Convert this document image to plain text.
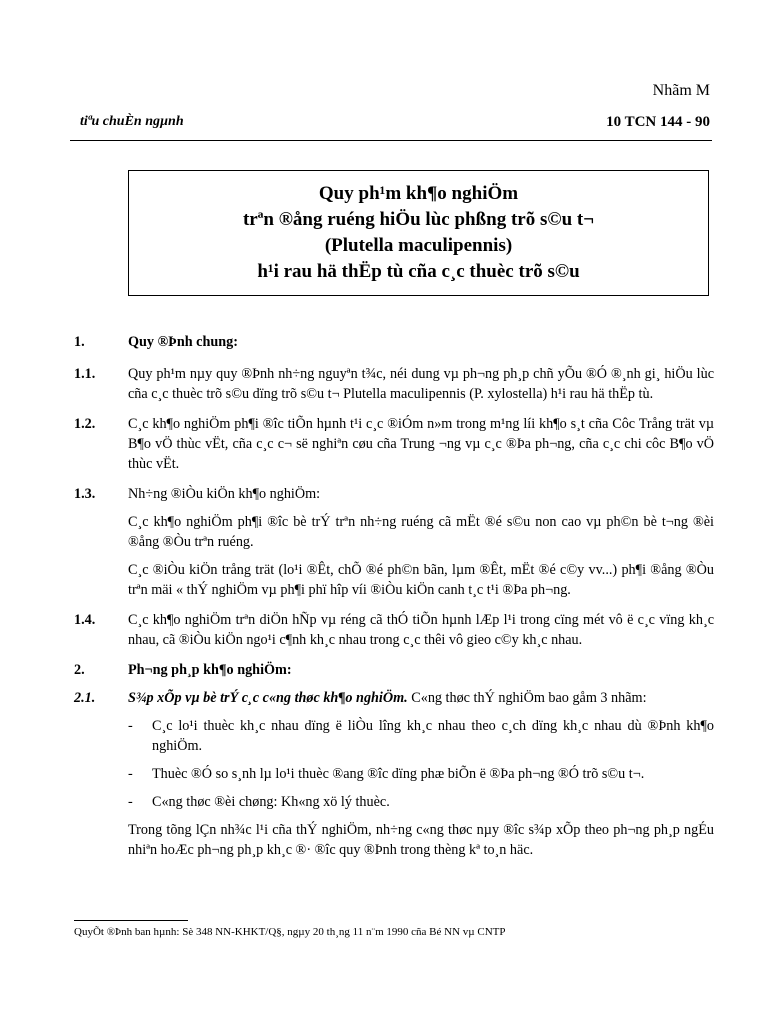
Nhãm M
tiªu chuÈn ngµnh	10 TCN 144 - 90
Quy ph¹m kh¶o nghiÖm
trªn ®ång ruéng hiÖu lùc phßng trõ s©u t¬
(Plutella maculipennis)
h¹i rau hä thËp tù cña c¸c thuèc trõ s©u
1.	Quy ®Þnh chung:
1.1.	Quy ph¹m nµy quy ®Þnh nh÷ng nguyªn t¾c, néi dung vµ ph¬ng ph¸p chñ yÕu ®Ó ®¸nh gi¸ hiÖu lùc cña c¸c thuèc trõ s©u dïng trõ s©u t¬ Plutella maculipennis (P. xylostella) h¹i rau hä thËp tù.
1.2.	C¸c kh¶o nghiÖm ph¶i ®îc tiÕn hµnh t¹i c¸c ®iÓm n»m trong m¹ng líi kh¶o s¸t cña Côc Trång trät vµ B¶o vÖ thùc vËt, cña c¸c c¬ së nghiªn cøu cña Trung ¬ng vµ c¸c ®Þa ph¬ng, cña c¸c chi côc B¶o vÖ thùc vËt.
1.3.	Nh÷ng ®iÒu kiÖn kh¶o nghiÖm:
C¸c kh¶o nghiÖm ph¶i ®îc bè trÝ trªn nh÷ng ruéng cã mËt ®é s©u non cao vµ ph©n bè t¬ng ®èi ®ång ®Òu trªn ruéng.
C¸c ®iÒu kiÖn trång trät (lo¹i ®Êt, chÕ ®é ph©n bãn, lµm ®Êt, mËt ®é c©y vv...) ph¶i ®ång ®Òu trªn mäi « thÝ nghiÖm vµ ph¶i phï hîp víi ®iÒu kiÖn canh t¸c t¹i ®Þa ph¬ng.
1.4.	C¸c kh¶o nghiÖm trªn diÖn hÑp vµ réng cã thÓ tiÕn hµnh lÆp l¹i trong cïng mét vô ë c¸c vïng kh¸c nhau, cã ®iÒu kiÖn ngo¹i c¶nh kh¸c nhau trong c¸c thêi vô gieo c©y kh¸c nhau.
2.	Ph¬ng ph¸p kh¶o nghiÖm:
2.1.	S¾p xÕp vµ bè trÝ c¸c c«ng thøc kh¶o nghiÖm. C«ng thøc thÝ nghiÖm bao gåm 3 nhãm:
-	C¸c lo¹i thuèc kh¸c nhau dïng ë liÒu lîng kh¸c nhau theo c¸ch dïng kh¸c nhau dù ®Þnh kh¶o nghiÖm.
-	Thuèc ®Ó so s¸nh lµ lo¹i thuèc ®ang ®îc dïng phæ biÕn ë ®Þa ph¬ng ®Ó trõ s©u t¬.
-	C«ng thøc ®èi chøng: Kh«ng xö lý thuèc.
Trong tõng lÇn nh¾c l¹i cña thÝ nghiÖm, nh÷ng c«ng thøc nµy ®îc s¾p xÕp theo ph¬ng ph¸p ngÉu nhiªn hoÆc ph¬ng ph¸p kh¸c ®· ®îc quy ®Þnh trong thèng kª to¸n häc.
QuyÕt ®Þnh ban hµnh: Sè 348 NN-KHKT/Q§, ngµy 20 th¸ng 11 n¨m 1990 cña Bé NN vµ CNTP
